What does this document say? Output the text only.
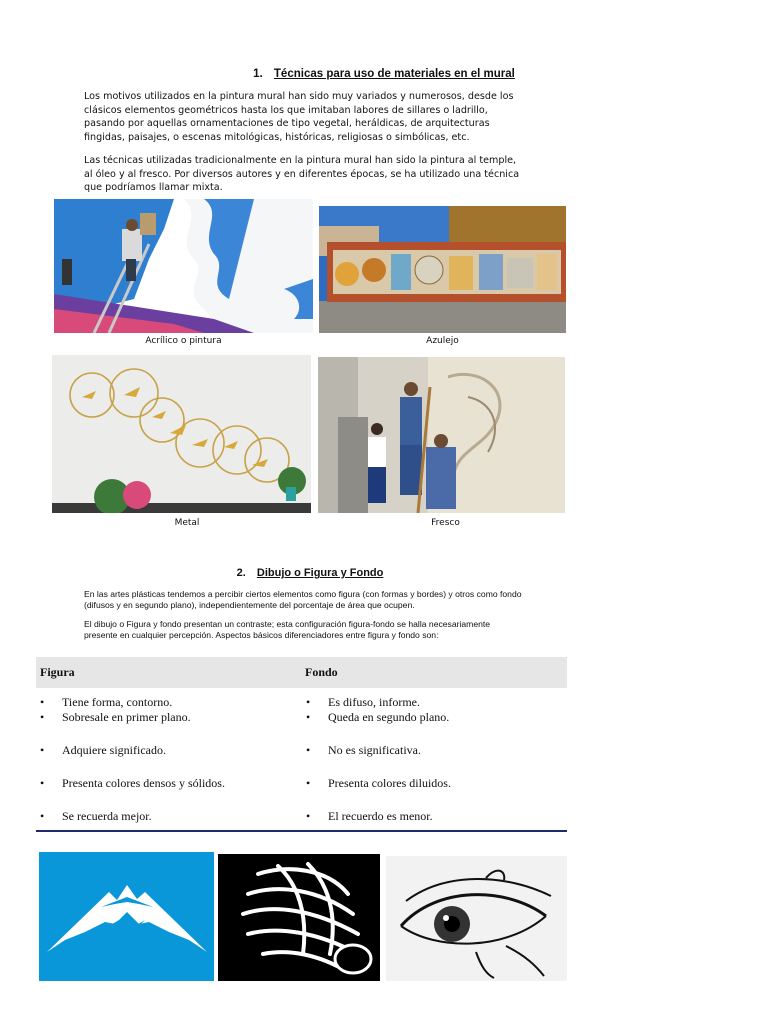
1. Técnicas para uso de materiales en el mural
Los motivos utilizados en la pintura mural han sido muy variados y numerosos, desde los clásicos elementos geométricos hasta los que imitaban labores de sillares o ladrillo, pasando por aquellas ornamentaciones de tipo vegetal, heráldicas, de arquitecturas fingidas, paisajes, o escenas mitológicas, históricas, religiosas o simbólicas, etc.
Las técnicas utilizadas tradicionalmente en la pintura mural han sido la pintura al temple, al óleo y al fresco. Por diversos autores y en diferentes épocas, se ha utilizado una técnica que podríamos llamar mixta.
Acrílico o pintura	Azulejo
Metal	Fresco
2. Dibujo o Figura y Fondo
En las artes plásticas tendemos a percibir ciertos elementos como figura (con formas y bordes) y otros como fondo (difusos y en segundo plano), independientemente del porcentaje de área que ocupen.
El dibujo o Figura y fondo presentan un contraste; esta configuración figura-fondo se halla necesariamente presente en cualquier percepción. Aspectos básicos diferenciadores entre figura y fondo son:
Figura	Fondo
•	Tiene forma, contorno.	•	Es difuso, informe.
•	Sobresale en primer plano.	•	Queda en segundo plano.
•	Adquiere significado.	•	No es significativa.
•	Presenta colores densos y sólidos.	•	Presenta colores diluidos.
•	Se recuerda mejor.	•	El recuerdo es menor.
